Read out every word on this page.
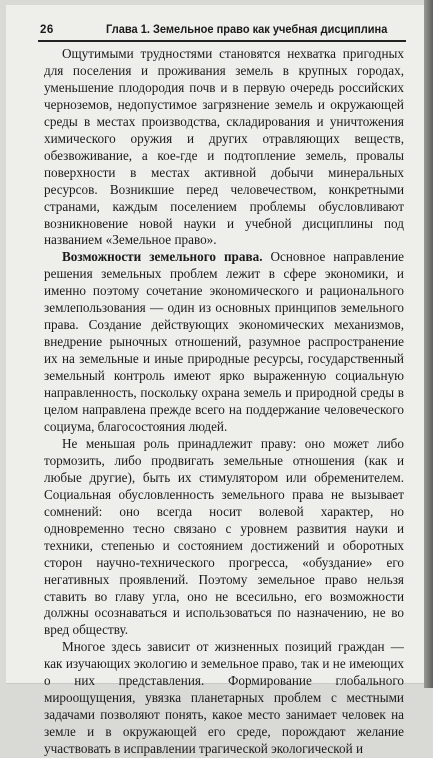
26	Глава 1. Земельное право как учебная дисциплина

Ощутимыми трудностями становятся нехватка пригодных для поселения и проживания земель в крупных городах, уменьшение плодородия почв и в первую очередь российских черноземов, недопустимое загрязнение земель и окружающей среды в местах производства, складирования и уничтожения химического оружия и других отравляющих веществ, обезвоживание, а кое-где и подтопление земель, провалы поверхности в местах активной добычи минеральных ресурсов. Возникшие перед человечеством, конкретными странами, каждым поселением проблемы обусловливают возникновение новой науки и учебной дисциплины под названием «Земельное право».

Возможности земельного права. Основное направление решения земельных проблем лежит в сфере экономики, и именно поэтому сочетание экономического и рационального землепользования — один из основных принципов земельного права. Создание действующих экономических механизмов, внедрение рыночных отношений, разумное распространение их на земельные и иные природные ресурсы, государственный земельный контроль имеют ярко выраженную социальную направленность, поскольку охрана земель и природной среды в целом направлена прежде всего на поддержание человеческого социума, благосостояния людей.

Не меньшая роль принадлежит праву: оно может либо тормозить, либо продвигать земельные отношения (как и любые другие), быть их стимулятором или обременителем. Социальная обусловленность земельного права не вызывает сомнений: оно всегда носит волевой характер, но одновременно тесно связано с уровнем развития науки и техники, степенью и состоянием достижений и оборотных сторон научно-технического прогресса, «обуздание» его негативных проявлений. Поэтому земельное право нельзя ставить во главу угла, оно не всесильно, его возможности должны осознаваться и использоваться по назначению, не во вред обществу.

Многое здесь зависит от жизненных позиций граждан — как изучающих экологию и земельное право, так и не имеющих о них представления. Формирование глобального мироощущения, увязка планетарных проблем с местными задачами позволяют понять, какое место занимает человек на земле и в окружающей его среде, порождают желание участвовать в исправлении трагической экологической и
